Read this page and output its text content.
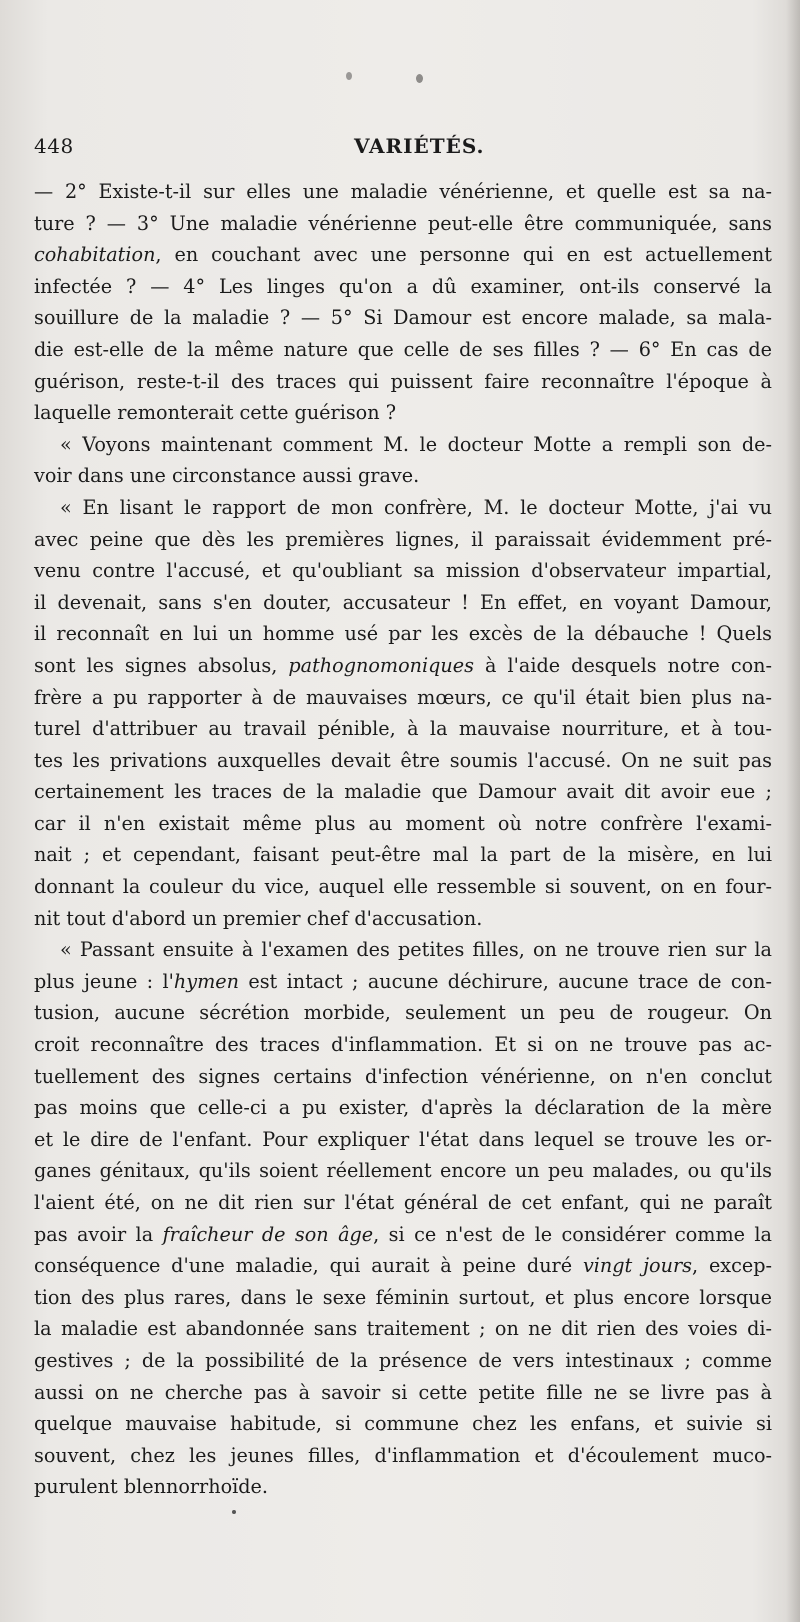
448	VARIÉTÉS.
— 2° Existe-t-il sur elles une maladie vénérienne, et quelle est sa na-
ture ? — 3° Une maladie vénérienne peut-elle être communiquée, sans
cohabitation, en couchant avec une personne qui en est actuellement
infectée ? — 4° Les linges qu'on a dû examiner, ont-ils conservé la
souillure de la maladie ? — 5° Si Damour est encore malade, sa mala-
die est-elle de la même nature que celle de ses filles ? — 6° En cas de
guérison, reste-t-il des traces qui puissent faire reconnaître l'époque à
laquelle remonterait cette guérison ?
« Voyons maintenant comment M. le docteur Motte a rempli son de-
voir dans une circonstance aussi grave.
« En lisant le rapport de mon confrère, M. le docteur Motte, j'ai vu
avec peine que dès les premières lignes, il paraissait évidemment pré-
venu contre l'accusé, et qu'oubliant sa mission d'observateur impartial,
il devenait, sans s'en douter, accusateur ! En effet, en voyant Damour,
il reconnaît en lui un homme usé par les excès de la débauche ! Quels
sont les signes absolus, pathognomoniques à l'aide desquels notre con-
frère a pu rapporter à de mauvaises mœurs, ce qu'il était bien plus na-
turel d'attribuer au travail pénible, à la mauvaise nourriture, et à tou-
tes les privations auxquelles devait être soumis l'accusé. On ne suit pas
certainement les traces de la maladie que Damour avait dit avoir eue ;
car il n'en existait même plus au moment où notre confrère l'exami-
nait ; et cependant, faisant peut-être mal la part de la misère, en lui
donnant la couleur du vice, auquel elle ressemble si souvent, on en four-
nit tout d'abord un premier chef d'accusation.
« Passant ensuite à l'examen des petites filles, on ne trouve rien sur la
plus jeune : l'hymen est intact ; aucune déchirure, aucune trace de con-
tusion, aucune sécrétion morbide, seulement un peu de rougeur. On
croit reconnaître des traces d'inflammation. Et si on ne trouve pas ac-
tuellement des signes certains d'infection vénérienne, on n'en conclut
pas moins que celle-ci a pu exister, d'après la déclaration de la mère
et le dire de l'enfant. Pour expliquer l'état dans lequel se trouve les or-
ganes génitaux, qu'ils soient réellement encore un peu malades, ou qu'ils
l'aient été, on ne dit rien sur l'état général de cet enfant, qui ne paraît
pas avoir la fraîcheur de son âge, si ce n'est de le considérer comme la
conséquence d'une maladie, qui aurait à peine duré vingt jours, excep-
tion des plus rares, dans le sexe féminin surtout, et plus encore lorsque
la maladie est abandonnée sans traitement ; on ne dit rien des voies di-
gestives ; de la possibilité de la présence de vers intestinaux ; comme
aussi on ne cherche pas à savoir si cette petite fille ne se livre pas à
quelque mauvaise habitude, si commune chez les enfans, et suivie si
souvent, chez les jeunes filles, d'inflammation et d'écoulement muco-
purulent blennorrhoïde.
